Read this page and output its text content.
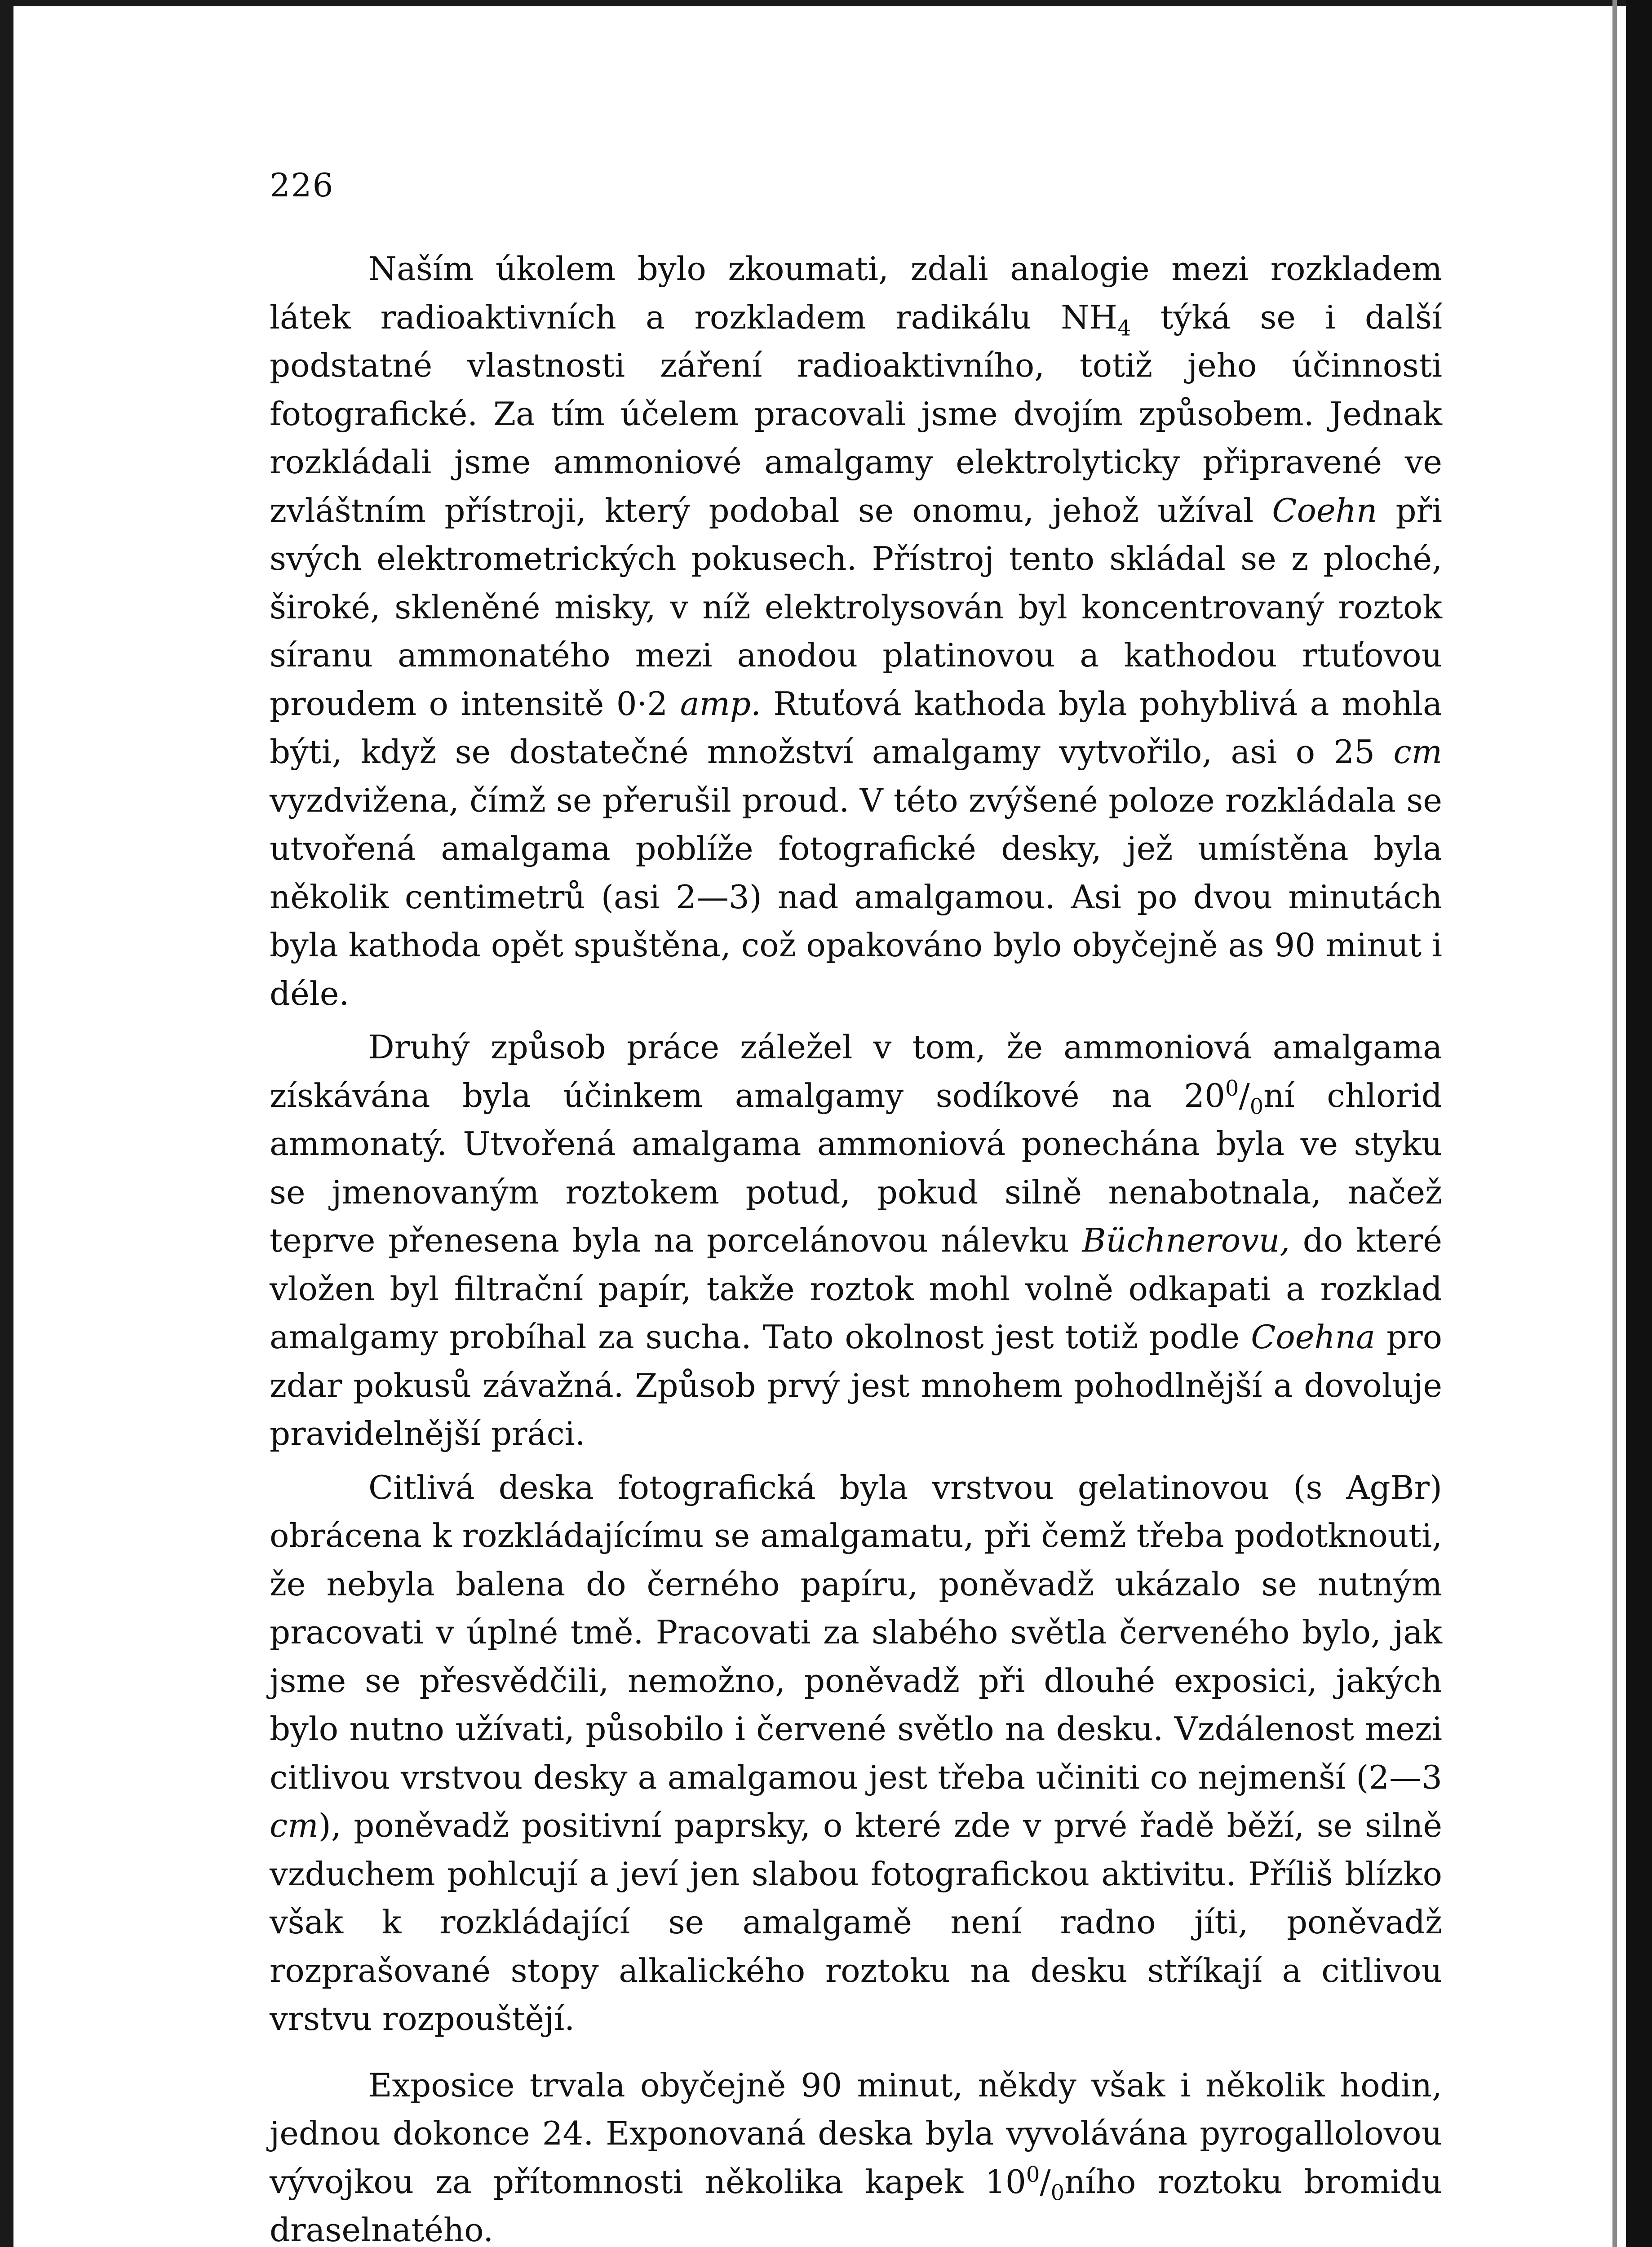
226

Naším úkolem bylo zkoumati, zdali analogie mezi rozkladem látek radioaktivních a rozkladem radikálu $NH_4$ týká se i další podstatné vlastnosti záření radioaktivního, totiž jeho účinnosti fotografické. Za tím účelem pracovali jsme dvojím způsobem. Jednak rozkládali jsme ammoniové amalgamy elektrolyticky připravené ve zvláštním přístroji, který podobal se onomu, jehož užíval Coehn při svých elektrometrických pokusech. Přístroj tento skládal se z ploché, široké, skleněné misky, v níž elektrolysován byl koncentrovaný roztok síranu ammonatého mezi anodou platinovou a kathodou rtuťovou proudem o intensitě 0·2 amp. Rtuťová kathoda byla pohyblivá a mohla býti, když se dostatečné množství amalgamy vytvořilo, asi o 25 cm vyzdvižena, čímž se přerušil proud. V této zvýšené poloze rozkládala se utvořená amalgama poblíže fotografické desky, jež umístěna byla několik centimetrů (asi 2—3) nad amalgamou. Asi po dvou minutách byla kathoda opět spuštěna, což opakováno bylo obyčejně as 90 minut i déle.

Druhý způsob práce záležel v tom, že ammoniová amalgama získávána byla účinkem amalgamy sodíkové na $20^0/_0ní$ chlorid ammonatý. Utvořená amalgama ammoniová ponechána byla ve styku se jmenovaným roztokem potud, pokud silně nenabotnala, načež teprve přenesena byla na porcelánovou nálevku Büchnerovu, do které vložen byl filtrační papír, takže roztok mohl volně odkapati a rozklad amalgamy probíhal za sucha. Tato okolnost jest totiž podle Coehna pro zdar pokusů závažná. Způsob prvý jest mnohem pohodlnější a dovoluje pravidelnější práci.

Citlivá deska fotografická byla vrstvou gelatinovou (s AgBr) obrácena k rozkládajícímu se amalgamatu, při čemž třeba podotknouti, že nebyla balena do černého papíru, poněvadž ukázalo se nutným pracovati v úplné tmě. Pracovati za slabého světla červeného bylo, jak jsme se přesvědčili, nemožno, poněvadž při dlouhé exposici, jakých bylo nutno užívati, působilo i červené světlo na desku. Vzdálenost mezi citlivou vrstvou desky a amalgamou jest třeba učiniti co nejmenší (2—3 cm), poněvadž positivní paprsky, o které zde v prvé řadě běží, se silně vzduchem pohlcují a jeví jen slabou fotografickou aktivitu. Příliš blízko však k rozkládající se amalgamě není radno jíti, poněvadž rozprašované stopy alkalického roztoku na desku stříkají a citlivou vrstvu rozpouštějí.

Exposice trvala obyčejně 90 minut, někdy však i několik hodin, jednou dokonce 24. Exponovaná deska byla vyvolávána pyrogallolovou vývojkou za přítomnosti několika kapek $10^0/_0ního$ roztoku bromidu draselnatého.
